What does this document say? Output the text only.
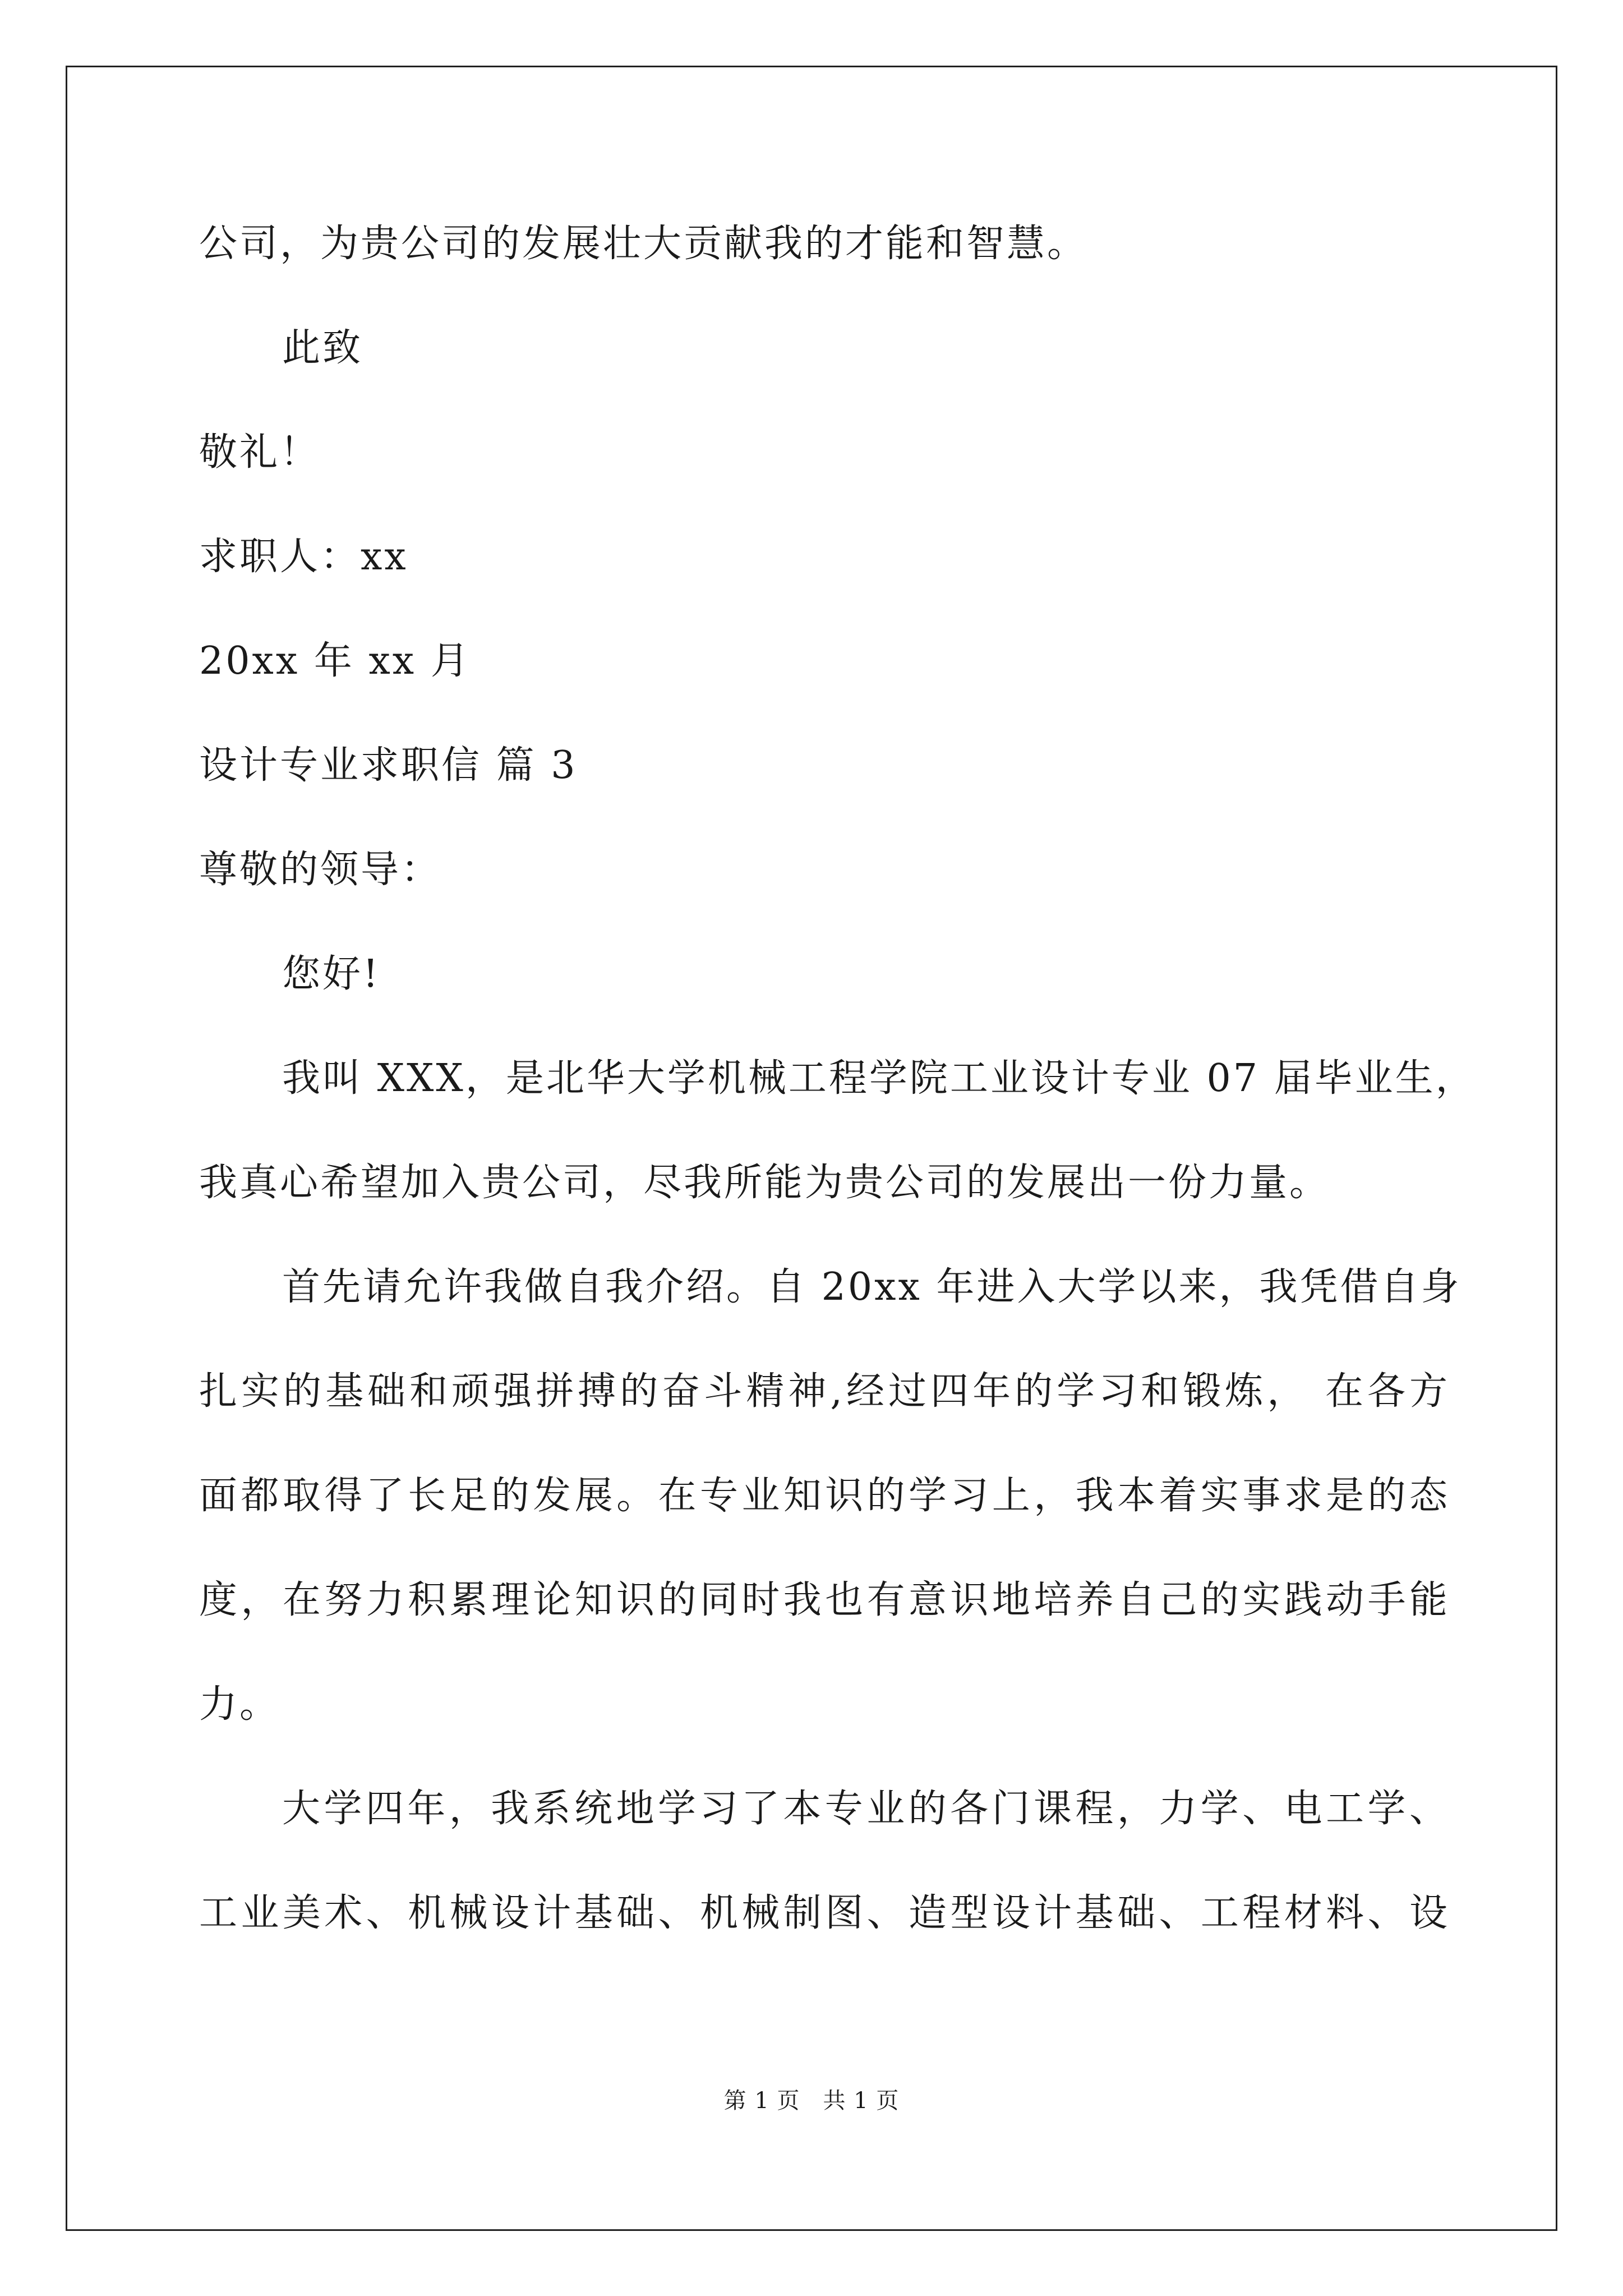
公司，为贵公司的发展壮大贡献我的才能和智慧。
此致
敬礼！
求职人：xx
20xx 年 xx 月
设计专业求职信 篇 3
尊敬的领导：
您好!
我叫 XXX，是北华大学机械工程学院工业设计专业 07 届毕业生，
我真心希望加入贵公司，尽我所能为贵公司的发展出一份力量。
首先请允许我做自我介绍。自 20xx 年进入大学以来，我凭借自身
扎实的基础和顽强拼搏的奋斗精神,经过四年的学习和锻炼， 在各方
面都取得了长足的发展。在专业知识的学习上，我本着实事求是的态
度，在努力积累理论知识的同时我也有意识地培养自己的实践动手能
力。
大学四年，我系统地学习了本专业的各门课程，力学、电工学、
工业美术、机械设计基础、机械制图、造型设计基础、工程材料、设
第 1 页　共 1 页
